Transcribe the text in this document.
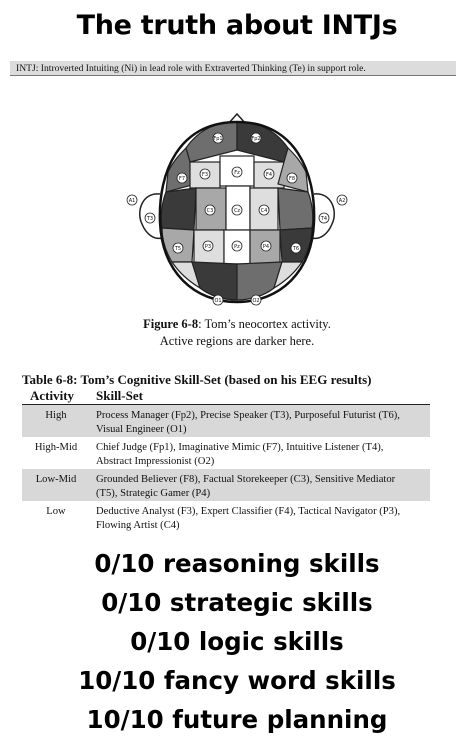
The truth about INTJs
INTJ: Introverted Intuiting (Ni) in lead role with Extraverted Thinking (Te) in support role.
Fp1	Fp2
F7
F3	Fz	F4
F8
T3
C3	Cz	C4
T4
T5	P3	Pz	P4	T6
O1	O2
A1	A2
Figure 6-8: Tom’s neocortex activity.
Active regions are darker here.
Table 6-8: Tom’s Cognitive Skill-Set (based on his EEG results)
Activity Skill-Set
High	Process Manager (Fp2), Precise Speaker (T3), Purposeful Futurist (T6),
Visual Engineer (O1)
High-Mid	Chief Judge (Fp1), Imaginative Mimic (F7), Intuitive Listener (T4),
Abstract Impressionist (O2)
Low-Mid	Grounded Believer (F8), Factual Storekeeper (C3), Sensitive Mediator
(T5), Strategic Gamer (P4)
Low	Deductive Analyst (F3), Expert Classifier (F4), Tactical Navigator (P3),
Flowing Artist (C4)
0/10 reasoning skills
0/10 strategic skills
0/10 logic skills
10/10 fancy word skills
10/10 future planning
